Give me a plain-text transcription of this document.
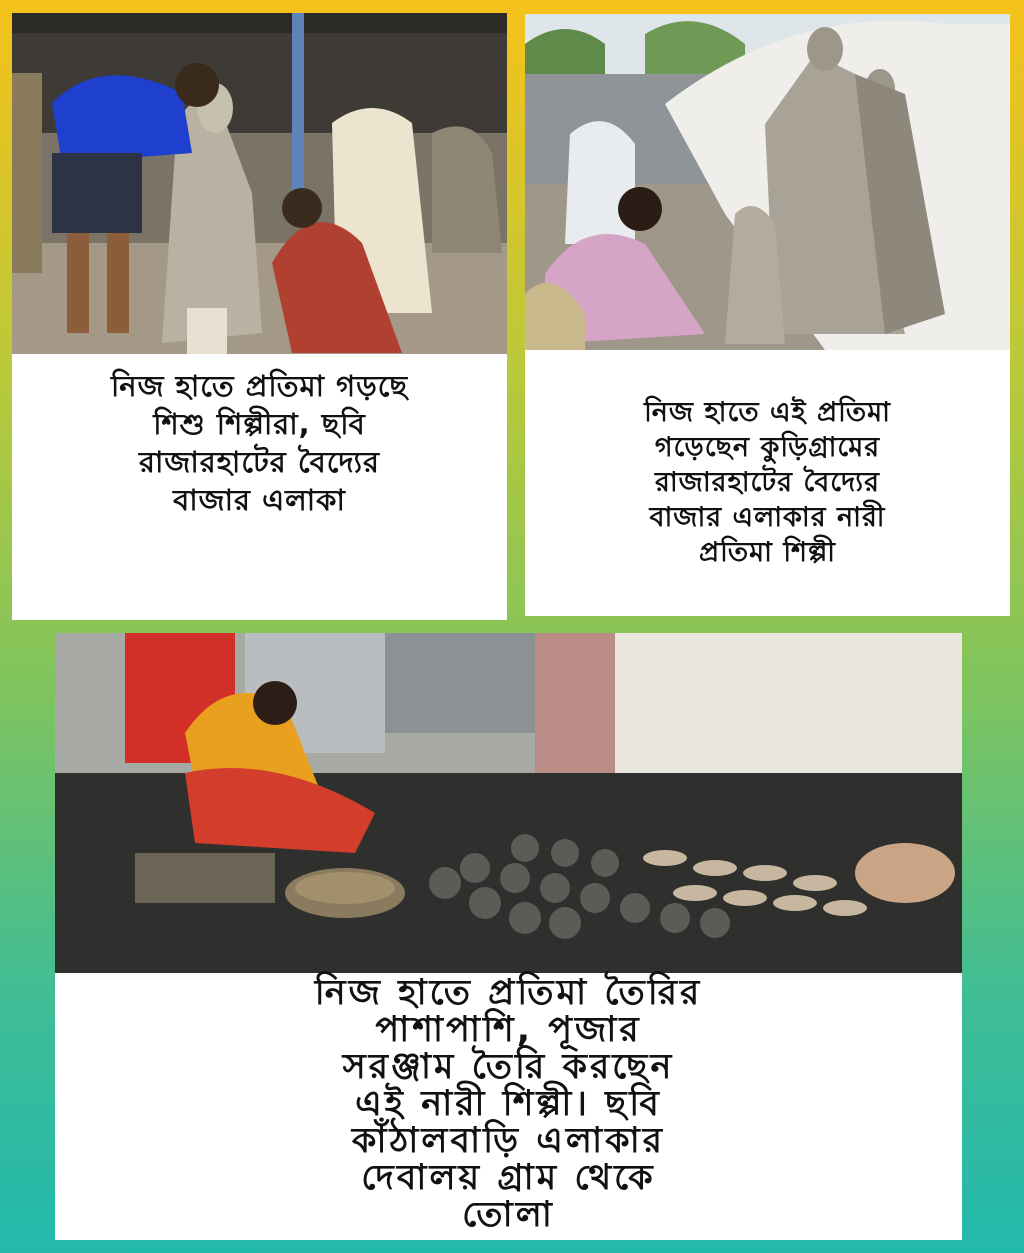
নিজ হাতে প্রতিমা গড়ছে
শিশু শিল্পীরা, ছবি
রাজারহাটের বৈদ্যের
বাজার এলাকা
নিজ হাতে এই প্রতিমা
গড়েছেন কুড়িগ্রামের
রাজারহাটের বৈদ্যের
বাজার এলাকার নারী
প্রতিমা শিল্পী
নিজ হাতে প্রতিমা তৈরির
পাশাপাশি, পূজার
সরঞ্জাম তৈরি করছেন
এই নারী শিল্পী। ছবি
কাঁঠালবাড়ি এলাকার
দেবালয় গ্রাম থেকে
তোলা
